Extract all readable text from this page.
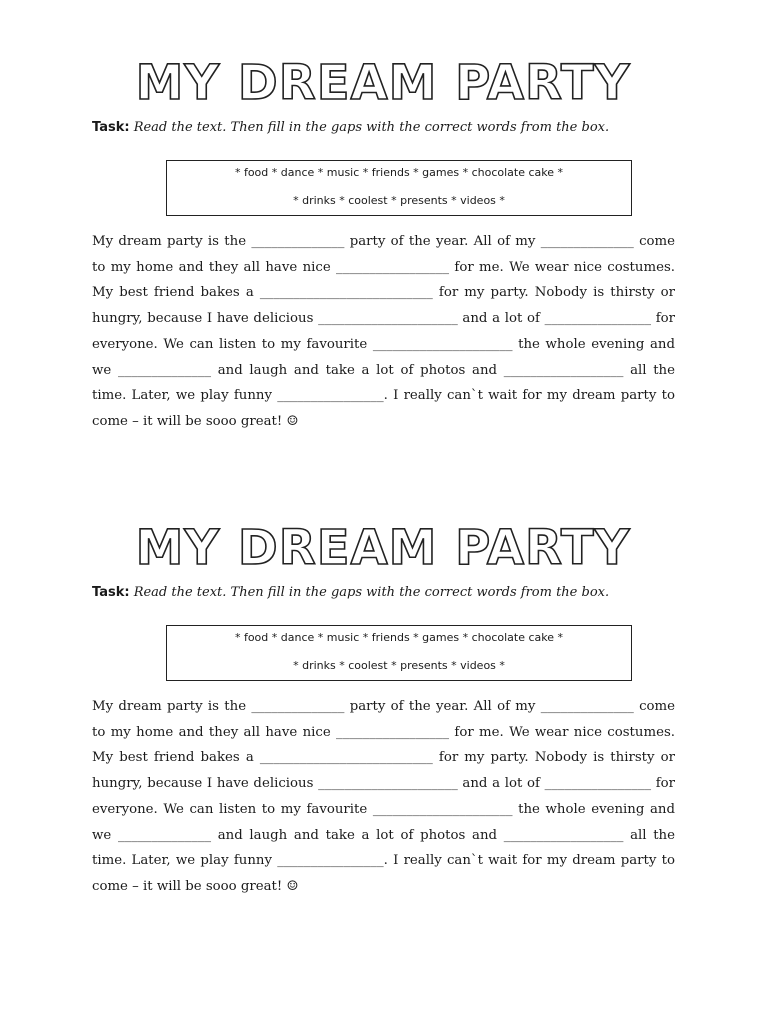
MY DREAM PARTY
Task: Read the text. Then fill in the gaps with the correct words from the box.
* food * dance * music * friends * games * chocolate cake *
* drinks * coolest * presents * videos *

My dream party is the ______________ party of the year. All of my ______________ come to my home and they all have nice _________________ for me. We wear nice costumes. My best friend bakes a __________________________ for my party. Nobody is thirsty or hungry, because I have delicious _____________________ and a lot of ________________ for everyone. We can listen to my favourite _____________________ the whole evening and we ______________ and laugh and take a lot of photos and __________________ all the time. Later, we play funny ________________. I really can`t wait for my dream party to come – it will be sooo great! ☺

MY DREAM PARTY
Task: Read the text. Then fill in the gaps with the correct words from the box.
* food * dance * music * friends * games * chocolate cake *
* drinks * coolest * presents * videos *

My dream party is the ______________ party of the year. All of my ______________ come to my home and they all have nice _________________ for me. We wear nice costumes. My best friend bakes a __________________________ for my party. Nobody is thirsty or hungry, because I have delicious _____________________ and a lot of ________________ for everyone. We can listen to my favourite _____________________ the whole evening and we ______________ and laugh and take a lot of photos and __________________ all the time. Later, we play funny ________________. I really can`t wait for my dream party to come – it will be sooo great! ☺
